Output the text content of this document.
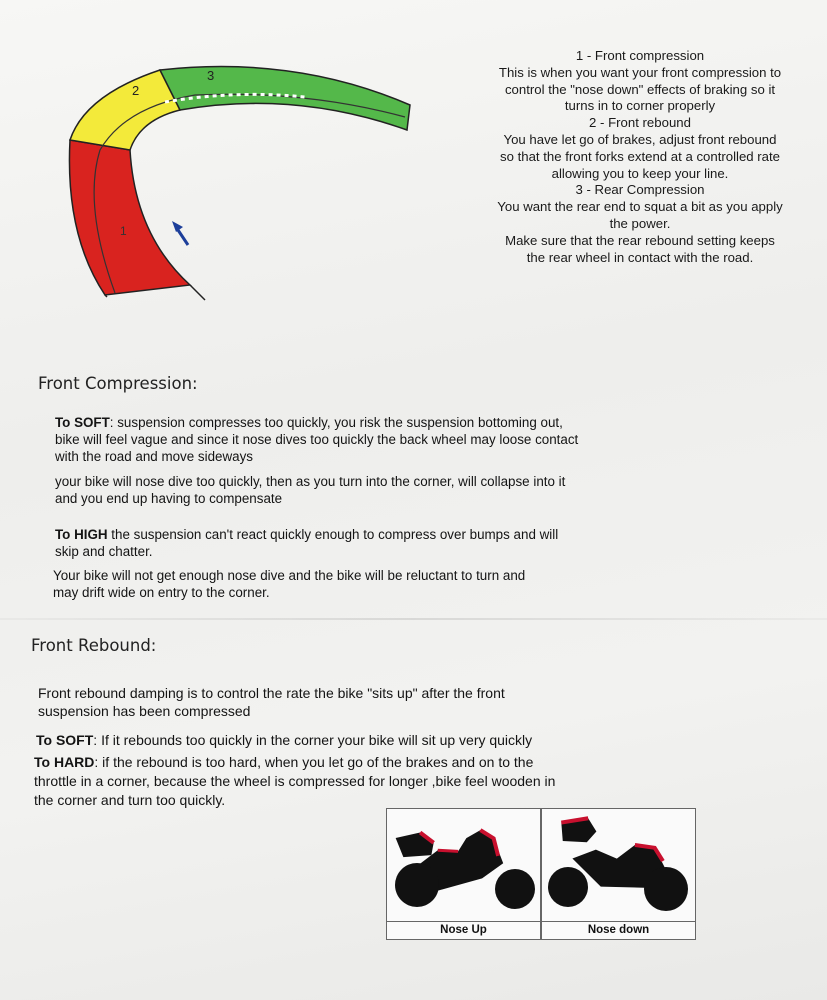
1
2
3
1 - Front compression
This is when you want your front compression to
control the "nose down" effects of braking so it
turns in to corner properly
2 - Front rebound
You have let go of brakes, adjust front rebound
so that the front forks extend at a controlled rate
allowing you to keep your line.
3 - Rear Compression
You want the rear end to squat a bit as you apply
the power.
Make sure that the rear rebound setting keeps
the rear wheel in contact with the road.
Front Compression:
To SOFT: suspension compresses too quickly, you risk the suspension bottoming out,
bike will feel vague and since it nose dives too quickly the back wheel may loose contact
with the road and move sideways
your bike will nose dive too quickly, then as you turn into the corner, will collapse into it
and you end up having to compensate
To HIGH the suspension can't react quickly enough to compress over bumps and will
skip and chatter.
Your bike will not get enough nose dive and the bike will be reluctant to turn and
may drift wide on entry to the corner.
Front Rebound:
Front rebound damping is to control the rate the bike "sits up" after the front
suspension has been compressed
To SOFT: If it rebounds too quickly in the corner your bike will sit up very quickly
To HARD: if the rebound is too hard, when you let go of the brakes and on to the
throttle in a corner, because the wheel is compressed for longer ,bike feel wooden in
the corner and turn too quickly.
Nose Up	Nose down
